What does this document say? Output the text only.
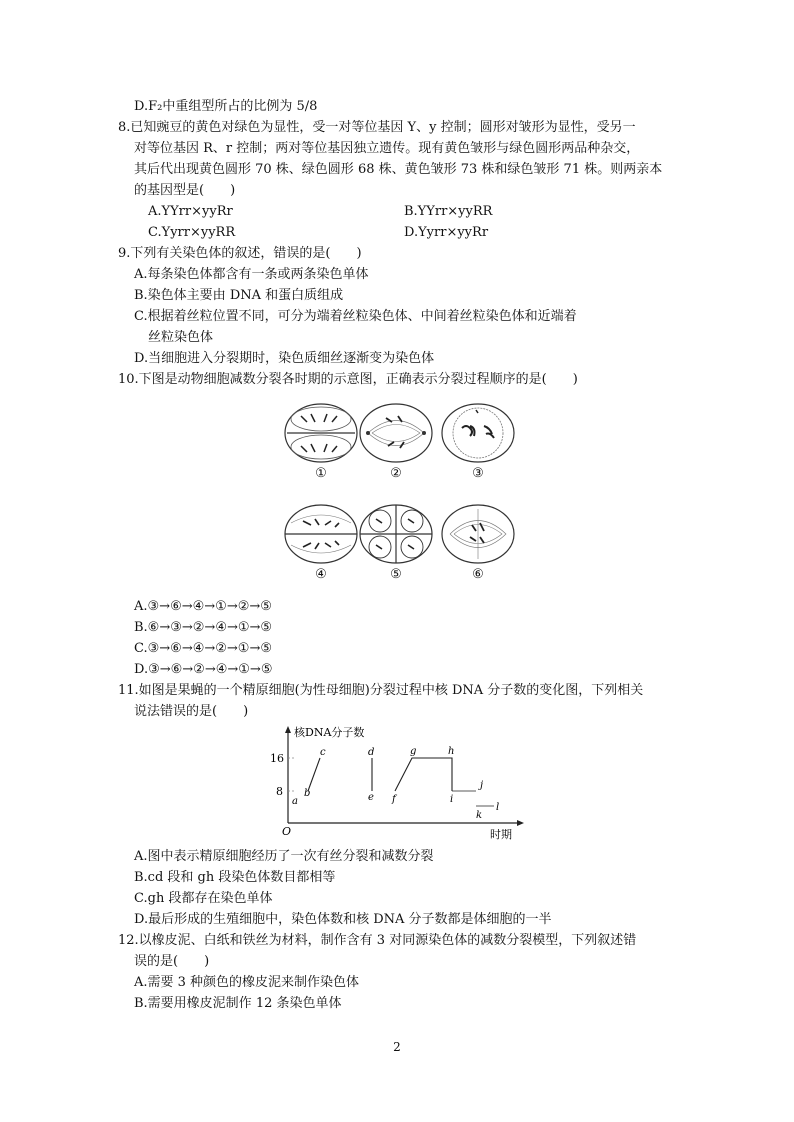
D.F₂中重组型所占的比例为 5/8
8.已知豌豆的黄色对绿色为显性，受一对等位基因 Y、y 控制；圆形对皱形为显性，受另一
对等位基因 R、r 控制；两对等位基因独立遗传。现有黄色皱形与绿色圆形两品种杂交，
其后代出现黄色圆形 70 株、绿色圆形 68 株、黄色皱形 73 株和绿色皱形 71 株。则两亲本
的基因型是(　　)
A.YYrr×yyRr	B.YYrr×yyRR
C.Yyrr×yyRR	D.Yyrr×yyRr
9.下列有关染色体的叙述，错误的是(　　)
A.每条染色体都含有一条或两条染色单体
B.染色体主要由 DNA 和蛋白质组成
C.根据着丝粒位置不同，可分为端着丝粒染色体、中间着丝粒染色体和近端着
丝粒染色体
D.当细胞进入分裂期时，染色质细丝逐渐变为染色体
10.下图是动物细胞减数分裂各时期的示意图，正确表示分裂过程顺序的是(　　)
①	②	③
④	⑤	⑥
A.③→⑥→④→①→②→⑤
B.⑥→③→②→④→①→⑤
C.③→⑥→④→②→①→⑤
D.③→⑥→②→④→①→⑤
11.如图是果蝇的一个精原细胞(为性母细胞)分裂过程中核 DNA 分子数的变化图，下列相关
说法错误的是(　　)
核DNA分子数
时期
O
16
8
a
b
c	d
e f
g	h
i
j
k
l
A.图中表示精原细胞经历了一次有丝分裂和减数分裂
B.cd 段和 gh 段染色体数目都相等
C.gh 段都存在染色单体
D.最后形成的生殖细胞中，染色体数和核 DNA 分子数都是体细胞的一半
12.以橡皮泥、白纸和铁丝为材料，制作含有 3 对同源染色体的减数分裂模型，下列叙述错
误的是(　　)
A.需要 3 种颜色的橡皮泥来制作染色体
B.需要用橡皮泥制作 12 条染色单体
2
